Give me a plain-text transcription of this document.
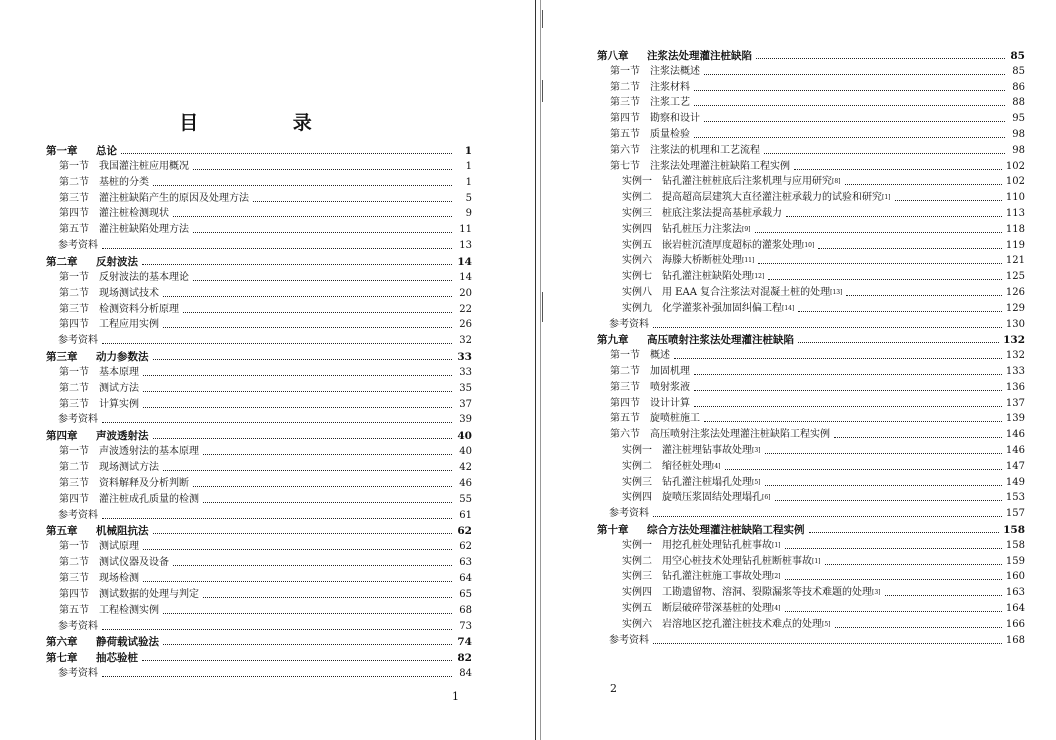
目 录
第一章	总论	1
第一节	我国灌注桩应用概况	1
第二节	基桩的分类	1
第三节	灌注桩缺陷产生的原因及处理方法	5
第四节	灌注桩检测现状	9
第五节	灌注桩缺陷处理方法	11
参考资料	13
第二章	反射波法	14
第一节	反射波法的基本理论	14
第二节	现场测试技术	20
第三节	检测资料分析原理	22
第四节	工程应用实例	26
参考资料	32
第三章	动力参数法	33
第一节	基本原理	33
第二节	测试方法	35
第三节	计算实例	37
参考资料	39
第四章	声波透射法	40
第一节	声波透射法的基本原理	40
第二节	现场测试方法	42
第三节	资料解释及分析判断	46
第四节	灌注桩成孔质量的检测	55
参考资料	61
第五章	机械阻抗法	62
第一节	测试原理	62
第二节	测试仪器及设备	63
第三节	现场检测	64
第四节	测试数据的处理与判定	65
第五节	工程检测实例	68
参考资料	73
第六章	静荷载试验法	74
第七章	抽芯验桩	82
参考资料	84
1
第八章	注浆法处理灌注桩缺陷	85
第一节	注浆法概述	85
第二节	注浆材料	86
第三节	注浆工艺	88
第四节	勘察和设计	95
第五节	质量检验	98
第六节	注浆法的机理和工艺流程	98
第七节	注浆法处理灌注桩缺陷工程实例	102
实例一	钻孔灌注桩桩底后注浆机理与应用研究 [8]	102
实例二	提高超高层建筑大直径灌注桩承载力的试验和研究 [1]	110
实例三	桩底注浆法提高基桩承载力	113
实例四	钻孔桩压力注浆法 [9]	118
实例五	嵌岩桩沉渣厚度超标的灌浆处理 [10]	119
实例六	海滕大桥断桩处理 [11]	121
实例七	钻孔灌注桩缺陷处理 [12]	125
实例八	用 EAA 复合注浆法对混凝土桩的处理 [13]	126
实例九	化学灌浆补强加固纠偏工程 [14]	129
参考资料	130
第九章	高压喷射注浆法处理灌注桩缺陷	132
第一节	概述	132
第二节	加固机理	133
第三节	喷射浆液	136
第四节	设计计算	137
第五节	旋喷桩施工	139
第六节	高压喷射注浆法处理灌注桩缺陷工程实例	146
实例一	灌注桩埋钻事故处理 [3]	146
实例二	缩径桩处理 [4]	147
实例三	钻孔灌注桩塌孔处理 [5]	149
实例四	旋喷压浆固结处理塌孔 [6]	153
参考资料	157
第十章	综合方法处理灌注桩缺陷工程实例	158
实例一	用挖孔桩处理钻孔桩事故 [1]	158
实例二	用空心桩技术处理钻孔桩断桩事故 [1]	159
实例三	钻孔灌注桩施工事故处理 [2]	160
实例四	工勘遗留物、溶洞、裂隙漏浆等技术难题的处理 [3]	163
实例五	断层破碎带深基桩的处理 [4]	164
实例六	岩溶地区挖孔灌注桩技术难点的处理 [5]	166
参考资料	168
2
